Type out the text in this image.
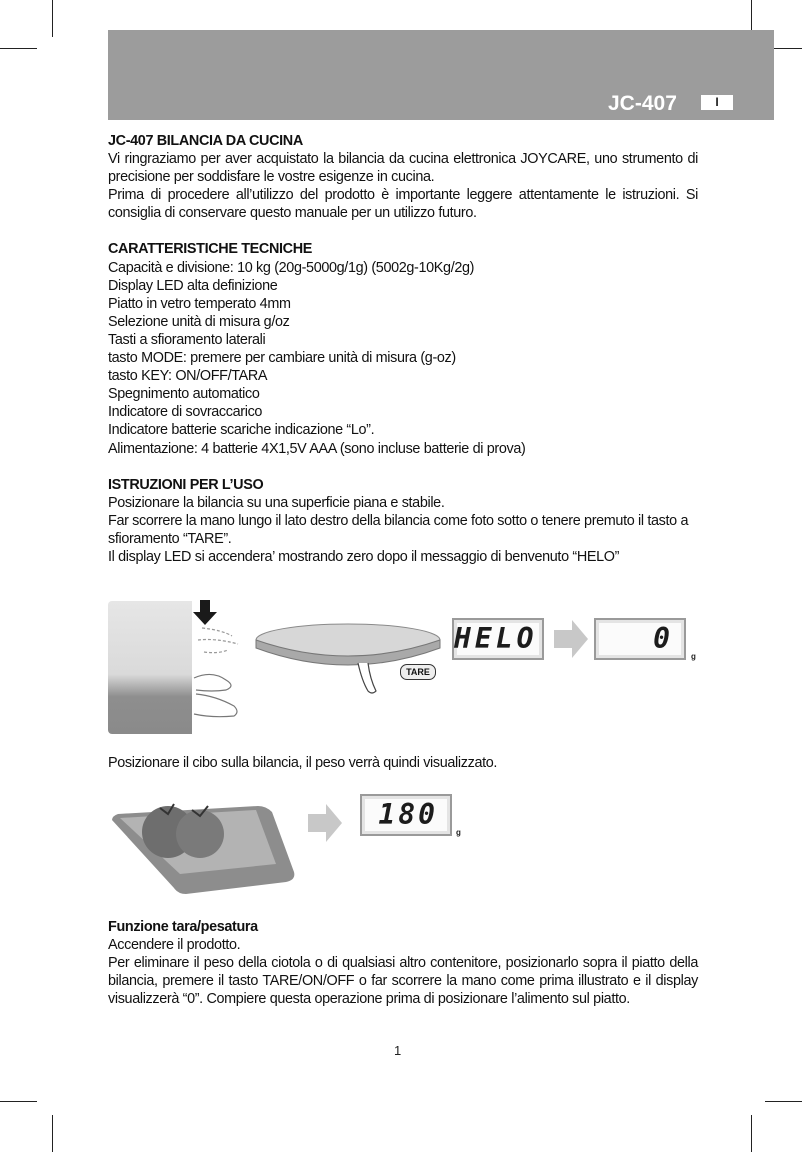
JC-407	I

JC-407 BILANCIA DA CUCINA

Vi ringraziamo per aver acquistato la bilancia da cucina elettronica JOYCARE, uno strumento di precisione per soddisfare le vostre esigenze in cucina.

Prima di procedere all’utilizzo del prodotto è importante leggere attentamente le istruzioni. Si consiglia di conservare questo manuale per un utilizzo futuro.

CARATTERISTICHE TECNICHE

Capacità e divisione: 10 kg (20g-5000g/1g) (5002g-10Kg/2g)

Display LED alta definizione

Piatto in vetro temperato 4mm

Selezione unità di misura g/oz

Tasti a sfioramento laterali

tasto MODE: premere per cambiare unità di misura (g-oz)

tasto KEY: ON/OFF/TARA

Spegnimento automatico

Indicatore di sovraccarico

Indicatore batterie scariche indicazione “Lo”.

Alimentazione: 4 batterie 4X1,5V AAA (sono incluse batterie di prova)

ISTRUZIONI PER L’USO

Posizionare la bilancia su una superficie piana e stabile.

Far scorrere la mano lungo il lato destro della bilancia come foto sotto o tenere premuto il tasto a sfioramento “TARE”.

Il display LED si accendera’ mostrando zero dopo il messaggio di benvenuto “HELO”

TARE
HELO	0
g

Posizionare il cibo sulla bilancia, il peso verrà quindi visualizzato.

180
g

Funzione tara/pesatura

Accendere il prodotto.

Per eliminare il peso della ciotola o di qualsiasi altro contenitore, posizionarlo sopra il piatto della bilancia, premere il tasto TARE/ON/OFF o far scorrere la mano come prima illustrato e il display visualizzerà “0”. Compiere questa operazione prima di posizionare l’alimento sul piatto.

1
